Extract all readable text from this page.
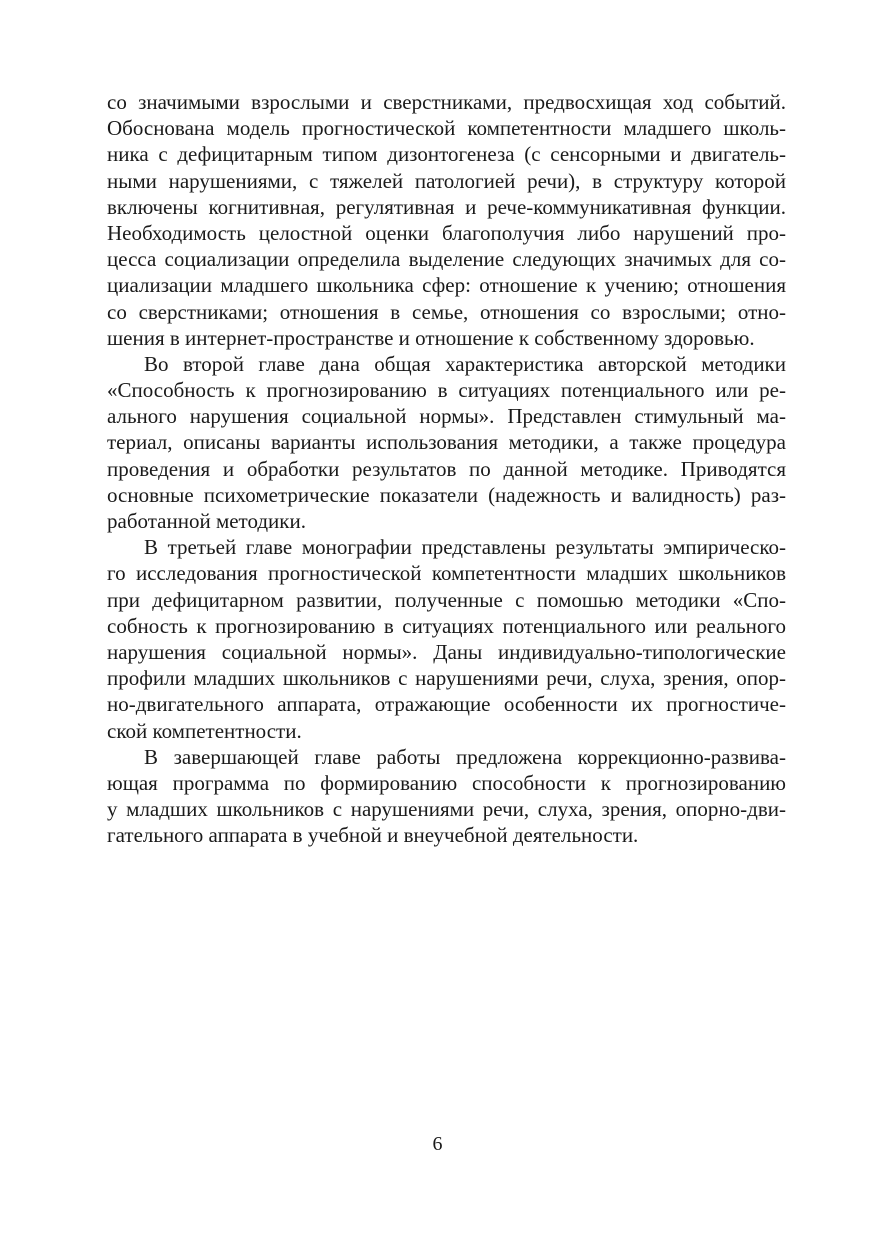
со значимыми взрослыми и сверстниками, предвосхищая ход событий.
Обоснована модель прогностической компетентности младшего школь-
ника с дефицитарным типом дизонтогенеза (с сенсорными и двигатель-
ными нарушениями, с тяжелей патологией речи), в структуру которой
включены когнитивная, регулятивная и рече-коммуникативная функции.
Необходимость целостной оценки благополучия либо нарушений про-
цесса социализации определила выделение следующих значимых для со-
циализации младшего школьника сфер: отношение к учению; отношения
со сверстниками; отношения в семье, отношения со взрослыми; отно-
шения в интернет-пространстве и отношение к собственному здоровью.
Во второй главе дана общая характеристика авторской методики
«Способность к прогнозированию в ситуациях потенциального или ре-
ального нарушения социальной нормы». Представлен стимульный ма-
териал, описаны варианты использования методики, а также процедура
проведения и обработки результатов по данной методике. Приводятся
основные психометрические показатели (надежность и валидность) раз-
работанной методики.
В третьей главе монографии представлены результаты эмпирическо-
го исследования прогностической компетентности младших школьников
при дефицитарном развитии, полученные с помошью методики «Спо-
собность к прогнозированию в ситуациях потенциального или реального
нарушения социальной нормы». Даны индивидуально-типологические
профили младших школьников с нарушениями речи, слуха, зрения, опор-
но-двигательного аппарата, отражающие особенности их прогностиче-
ской компетентности.
В завершающей главе работы предложена коррекционно-развива-
ющая программа по формированию способности к прогнозированию
у младших школьников с нарушениями речи, слуха, зрения, опорно-дви-
гательного аппарата в учебной и внеучебной деятельности.
6
